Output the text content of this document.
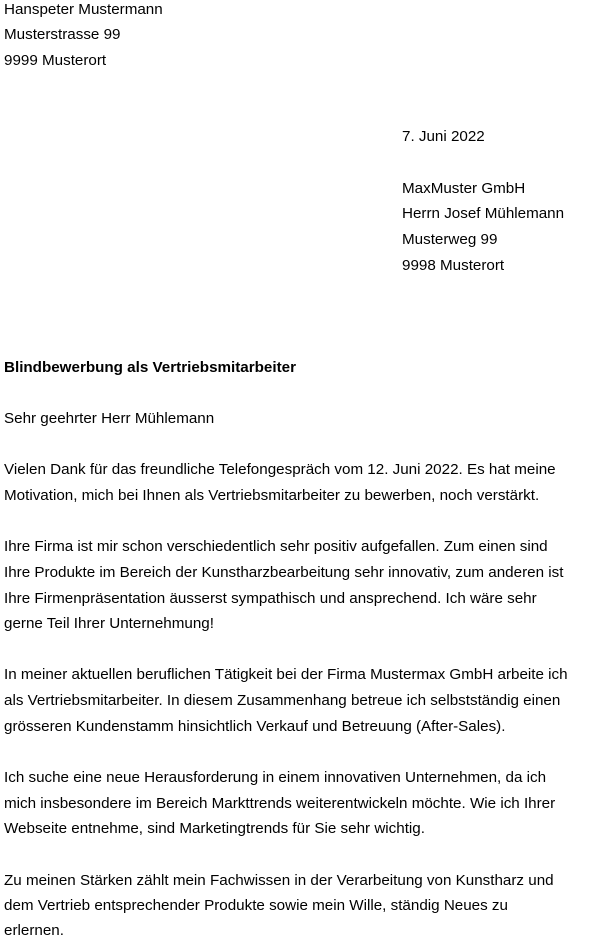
Hanspeter Mustermann
Musterstrasse 99
9999 Musterort
7. Juni 2022
MaxMuster GmbH
Herrn Josef Mühlemann
Musterweg 99
9998 Musterort
Blindbewerbung als Vertriebsmitarbeiter
Sehr geehrter Herr Mühlemann
Vielen Dank für das freundliche Telefongespräch vom 12. Juni 2022. Es hat meine
Motivation, mich bei Ihnen als Vertriebsmitarbeiter zu bewerben, noch verstärkt.
Ihre Firma ist mir schon verschiedentlich sehr positiv aufgefallen. Zum einen sind
Ihre Produkte im Bereich der Kunstharzbearbeitung sehr innovativ, zum anderen ist
Ihre Firmenpräsentation äusserst sympathisch und ansprechend. Ich wäre sehr
gerne Teil Ihrer Unternehmung!
In meiner aktuellen beruflichen Tätigkeit bei der Firma Mustermax GmbH arbeite ich
als Vertriebsmitarbeiter. In diesem Zusammenhang betreue ich selbstständig einen
grösseren Kundenstamm hinsichtlich Verkauf und Betreuung (After-Sales).
Ich suche eine neue Herausforderung in einem innovativen Unternehmen, da ich
mich insbesondere im Bereich Markttrends weiterentwickeln möchte. Wie ich Ihrer
Webseite entnehme, sind Marketingtrends für Sie sehr wichtig.
Zu meinen Stärken zählt mein Fachwissen in der Verarbeitung von Kunstharz und
dem Vertrieb entsprechender Produkte sowie mein Wille, ständig Neues zu
erlernen.
